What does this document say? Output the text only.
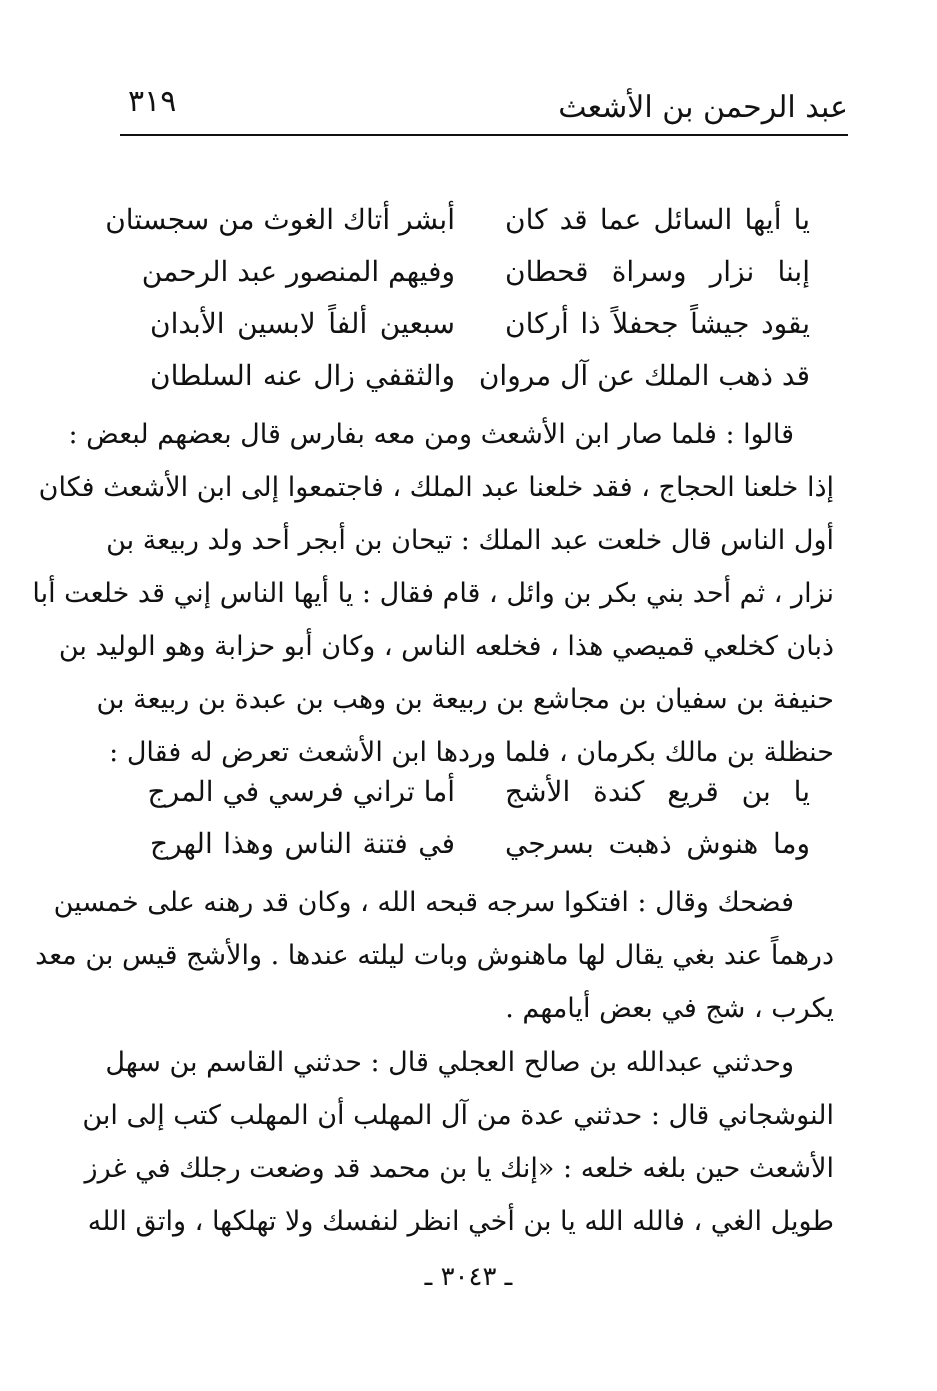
عبد الرحمن بن الأشعث
٣١٩
يا أيها السائل عما قد كان
أبشر أتاك الغوث من سجستان
إبنا نزار وسراة قحطان
وفيهم المنصور عبد الرحمن
يقود جيشاً جحفلاً ذا أركان
سبعين ألفاً لابسين الأبدان
قد ذهب الملك عن آل مروان
والثقفي زال عنه السلطان
قالوا : فلما صار ابن الأشعث ومن معه بفارس قال بعضهم لبعض :
إذا خلعنا الحجاج ، فقد خلعنا عبد الملك ، فاجتمعوا إلى ابن الأشعث فكان
أول الناس قال خلعت عبد الملك : تيحان بن أبجر أحد ولد ربيعة بن
نزار ، ثم أحد بني بكر بن وائل ، قام فقال : يا أيها الناس إني قد خلعت أبا
ذبان كخلعي قميصي هذا ، فخلعه الناس ، وكان أبو حزابة وهو الوليد بن
حنيفة بن سفيان بن مجاشع بن ربيعة بن وهب بن عبدة بن ربيعة بن
حنظلة بن مالك بكرمان ، فلما وردها ابن الأشعث تعرض له فقال :
يا بن قريع كندة الأشج
أما تراني فرسي في المرج
وما هنوش ذهبت بسرجي
في فتنة الناس وهذا الهرج
فضحك وقال : افتكوا سرجه قبحه الله ، وكان قد رهنه على خمسين
درهماً عند بغي يقال لها ماهنوش وبات ليلته عندها . والأشج قيس بن معد
يكرب ، شج في بعض أيامهم .
وحدثني عبدالله بن صالح العجلي قال : حدثني القاسم بن سهل
النوشجاني قال : حدثني عدة من آل المهلب أن المهلب كتب إلى ابن
الأشعث حين بلغه خلعه : «إنك يا بن محمد قد وضعت رجلك في غرز
طويل الغي ، فالله الله يا بن أخي انظر لنفسك ولا تهلكها ، واتق الله
ـ ٣٠٤٣ ـ
